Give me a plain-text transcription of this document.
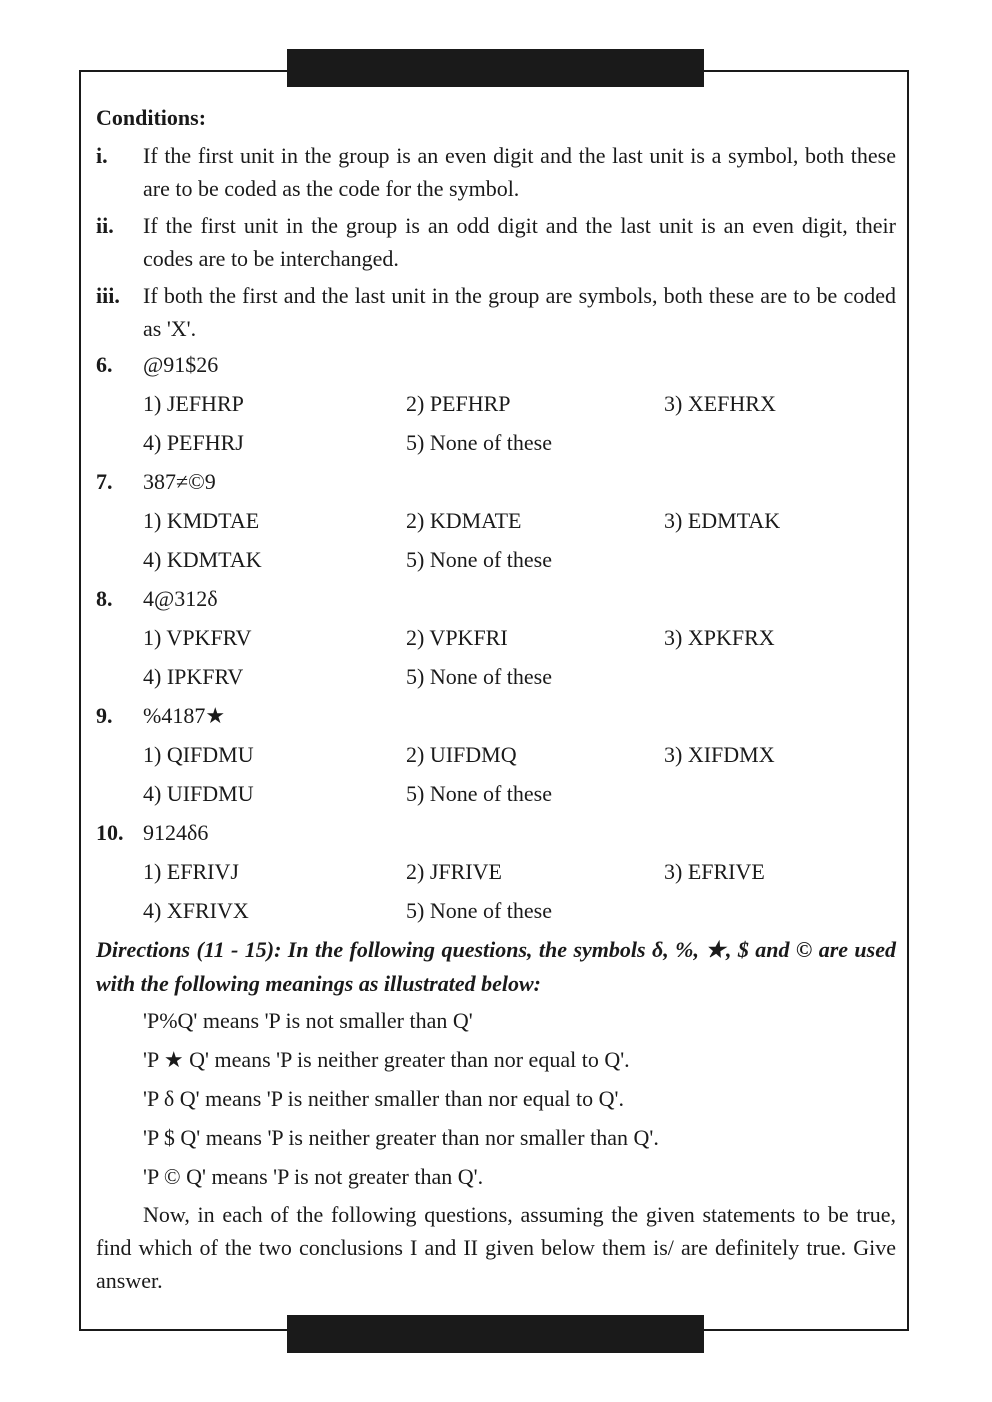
Conditions:
i.	If the first unit in the group is an even digit and the last unit is a symbol, both these are to be coded as the code for the symbol.
ii.	If the first unit in the group is an odd digit and the last unit is an even digit, their codes are to be interchanged.
iii.	If both the first and the last unit in the group are symbols, both these are to be coded as 'X'.
6.	@91$26
1) JEFHRP	2) PEFHRP	3) XEFHRX
4) PEFHRJ	5) None of these
7.	387≠©9
1) KMDTAE	2) KDMATE	3) EDMTAK
4) KDMTAK	5) None of these
8.	4@312δ
1) VPKFRV	2) VPKFRI	3) XPKFRX
4) IPKFRV	5) None of these
9.	%4187★
1) QIFDMU	2) UIFDMQ	3) XIFDMX
4) UIFDMU	5) None of these
10. 9124δ6
1) EFRIVJ	2) JFRIVE	3) EFRIVE
4) XFRIVX	5) None of these
Directions (11 - 15): In the following questions, the symbols δ, %, ★, $ and © are used with the following meanings as illustrated below:
'P%Q' means 'P is not smaller than Q'
'P ★ Q' means 'P is neither greater than nor equal to Q'.
'P δ Q' means 'P is neither smaller than nor equal to Q'.
'P $ Q' means 'P is neither greater than nor smaller than Q'.
'P © Q' means 'P is not greater than Q'.
Now, in each of the following questions, assuming the given statements to be true, find which of the two conclusions I and II given below them is/ are definitely true. Give answer.
